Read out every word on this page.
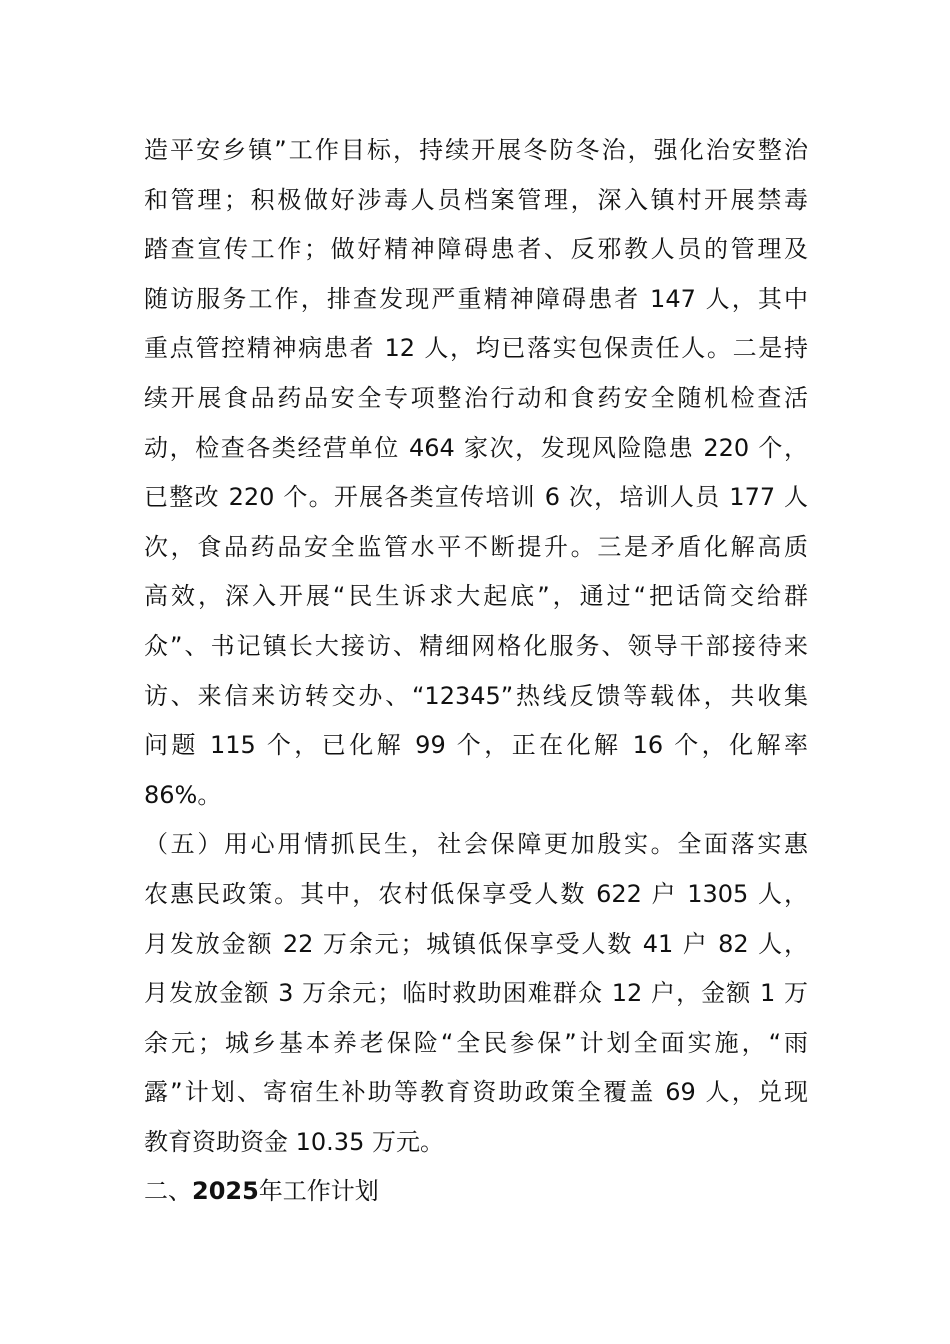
造平安乡镇”工作目标，持续开展冬防冬治，强化治安整治
和管理；积极做好涉毒人员档案管理，深入镇村开展禁毒
踏查宣传工作；做好精神障碍患者、反邪教人员的管理及
随访服务工作，排查发现严重精神障碍患者 147 人，其中
重点管控精神病患者 12 人，均已落实包保责任人。二是持
续开展食品药品安全专项整治行动和食药安全随机检查活
动，检查各类经营单位 464 家次，发现风险隐患 220 个，
已整改 220 个。开展各类宣传培训 6 次，培训人员 177 人
次，食品药品安全监管水平不断提升。三是矛盾化解高质
高效，深入开展“民生诉求大起底”，通过“把话筒交给群
众”、书记镇长大接访、精细网格化服务、领导干部接待来
访、来信来访转交办、“12345”热线反馈等载体，共收集
问题 115 个，已化解 99 个，正在化解 16 个，化解率
86%。
（五）用心用情抓民生，社会保障更加殷实。全面落实惠
农惠民政策。其中，农村低保享受人数 622 户 1305 人，
月发放金额 22 万余元；城镇低保享受人数 41 户 82 人，
月发放金额 3 万余元；临时救助困难群众 12 户，金额 1 万
余元；城乡基本养老保险“全民参保”计划全面实施，“雨
露”计划、寄宿生补助等教育资助政策全覆盖 69 人，兑现
教育资助资金 10.35 万元。
二、2025年工作计划
